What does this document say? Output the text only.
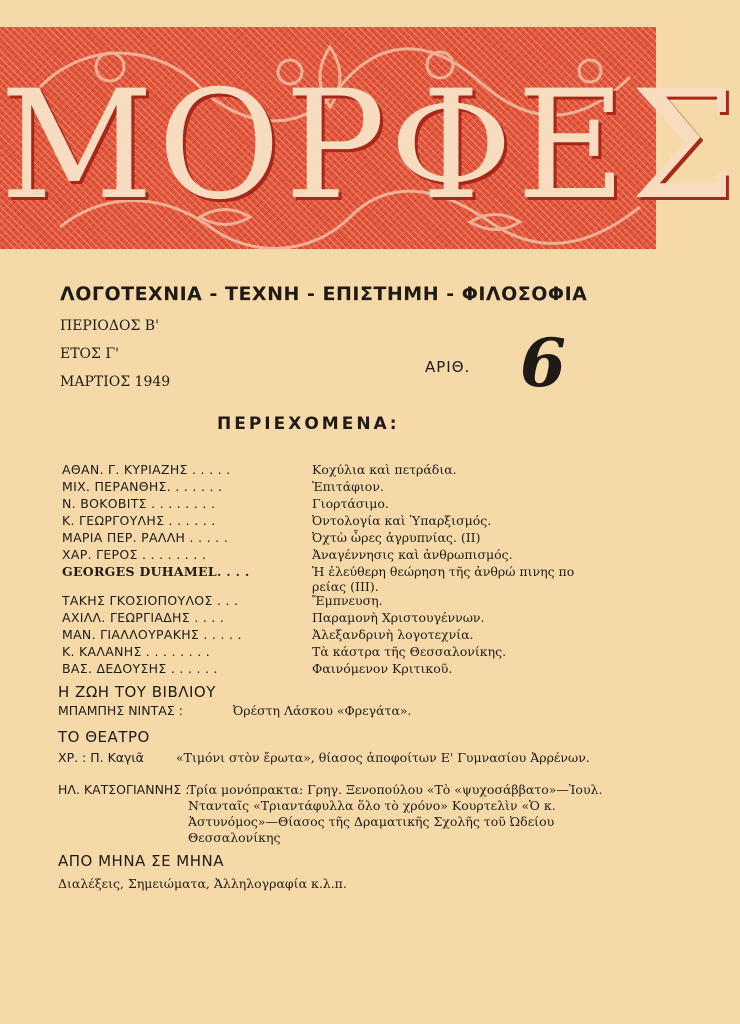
ΜΟΡΦΕΣ
ΛΟΓΟΤΕΧΝΙΑ - ΤΕΧΝΗ - ΕΠΙΣΤΗΜΗ - ΦΙΛΟΣΟΦΙΑ
ΠΕΡΙΟΔΟΣ Β'
ΕΤΟΣ Γ'
ΜΑΡΤΙΟΣ 1949
ΑΡΙΘ. 6
ΠΕΡΙΕΧΟΜΕΝΑ:
ΑΘΑΝ. Γ. ΚΥΡΙΑΖΗΣ . . . . .	Κοχύλια καὶ πετράδια.
ΜΙΧ. ΠΕΡΑΝΘΗΣ. . . . . . .	Ἐπιτάφιον.
Ν. ΒΟΚΟΒΙΤΣ . . . . . . . .	Γιορτάσιμο.
Κ. ΓΕΩΡΓΟΥΛΗΣ . . . . . .	Ὀντολογία καὶ Ὑπαρξισμός.
ΜΑΡΙΑ ΠΕΡ. ΡΑΛΛΗ . . . . .	Ὀχτὼ ὧρες ἀγρυπνίας. (ΙΙ)
ΧΑΡ. ΓΕΡΟΣ . . . . . . . .	Ἀναγέννησις καὶ ἀνθρωπισμός.
GEORGES DUHAMEL. . . .	Ἡ ἐλεύθερη θεώρηση τῆς ἀνθρώ πινης πο ρείας (ΙΙΙ).
ΤΑΚΗΣ ΓΚΟΣΙΟΠΟΥΛΟΣ . . .	Ἔμπνευση.
ΑΧΙΛΛ. ΓΕΩΡΓΙΑΔΗΣ . . . .	Παραμονὴ Χριστουγέννων.
ΜΑΝ. ΓΙΑΛΛΟΥΡΑΚΗΣ . . . . .	Ἀλεξανδρινὴ λογοτεχνία.
Κ. ΚΑΛΑΝΗΣ . . . . . . . .	Τὰ κάστρα τῆς Θεσσαλονίκης.
ΒΑΣ. ΔΕΔΟΥΣΗΣ . . . . . .	Φαινόμενον Κριτικοῦ.
Η ΖΩΗ ΤΟΥ ΒΙΒΛΙΟΥ
ΜΠΑΜΠΗΣ ΝΙΝΤΑΣ :	Ὀρέστη Λάσκου «Φρεγάτα».
ΤΟ ΘΕΑΤΡΟ
ΧΡ. : Π. Καγιᾶ	«Τιμόνι στὸν ἔρωτα», θίασος ἀποφοίτων Ε' Γυμνασίου Ἀρρένων.
ΗΛ. ΚΑΤΣΟΓΙΑΝΝΗΣ :
Τρία μονόπρακτα: Γρηγ. Ξενοπούλου «Τὸ «ψυχοσάββατο»—Ἰουλ. Ντανταῖς «Τριαντάφυλλα ὅλο τὸ χρόνο» Κουρτελὶν «Ὁ κ. Ἀστυνόμος»—Θίασος τῆς Δραματικῆς Σχολῆς τοῦ Ὠδείου Θεσσαλονίκης
ΑΠΟ ΜΗΝΑ ΣΕ ΜΗΝΑ
Διαλέξεις, Σημειώματα, Ἀλληλογραφία κ.λ.π.
